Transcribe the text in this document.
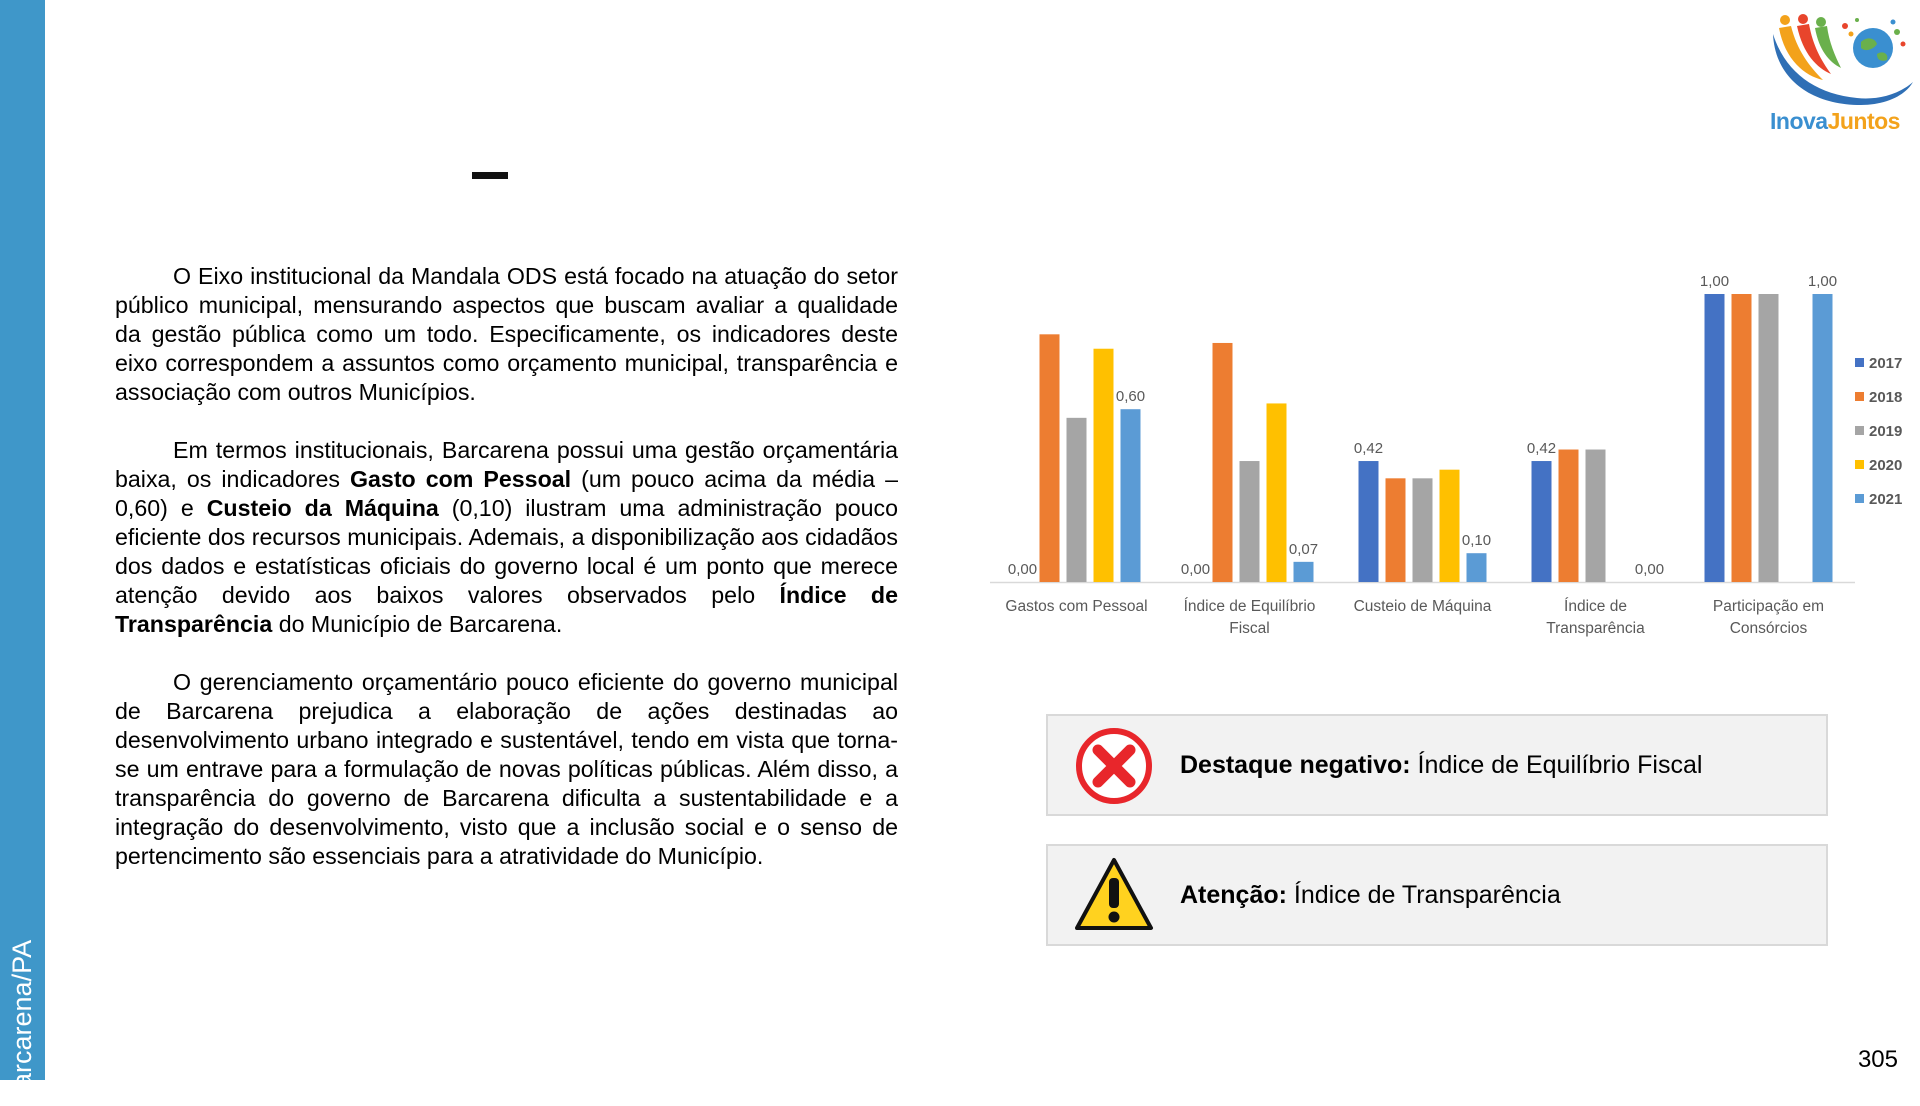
Barcarena/PA
InovaJuntos

O Eixo institucional da Mandala ODS está focado na atuação do setor público municipal, mensurando aspectos que buscam avaliar a qualidade da gestão pública como um todo. Especificamente, os indicadores deste eixo correspondem a assuntos como orçamento municipal, transparência e associação com outros Municípios.

Em termos institucionais, Barcarena possui uma gestão orçamentária baixa, os indicadores Gasto com Pessoal (um pouco acima da média – 0,60) e Custeio da Máquina (0,10) ilustram uma administração pouco eficiente dos recursos municipais. Ademais, a disponibilização aos cidadãos dos dados e estatísticas oficiais do governo local é um ponto que merece atenção devido aos baixos valores observados pelo Índice de Transparência do Município de Barcarena.

O gerenciamento orçamentário pouco eficiente do governo municipal de Barcarena prejudica a elaboração de ações destinadas ao desenvolvimento urbano integrado e sustentável, tendo em vista que torna-se um entrave para a formulação de novas políticas públicas. Além disso, a transparência do governo de Barcarena dificulta a sustentabilidade e a integração do desenvolvimento, visto que a inclusão social e o senso de pertencimento são essenciais para a atratividade do Município.

0,00
0,60
0,00
0,07
0,42
0,10
0,42
0,00
1,00	1,00
Gastos com Pessoal Índice de Equilíbrio
Fiscal
Custeio de Máquina	Índice de
Transparência
Participação em
Consórcios
2017
2018
2019
2020
2021
Destaque negativo: Índice de Equilíbrio Fiscal
Atenção: Índice de Transparência
305
